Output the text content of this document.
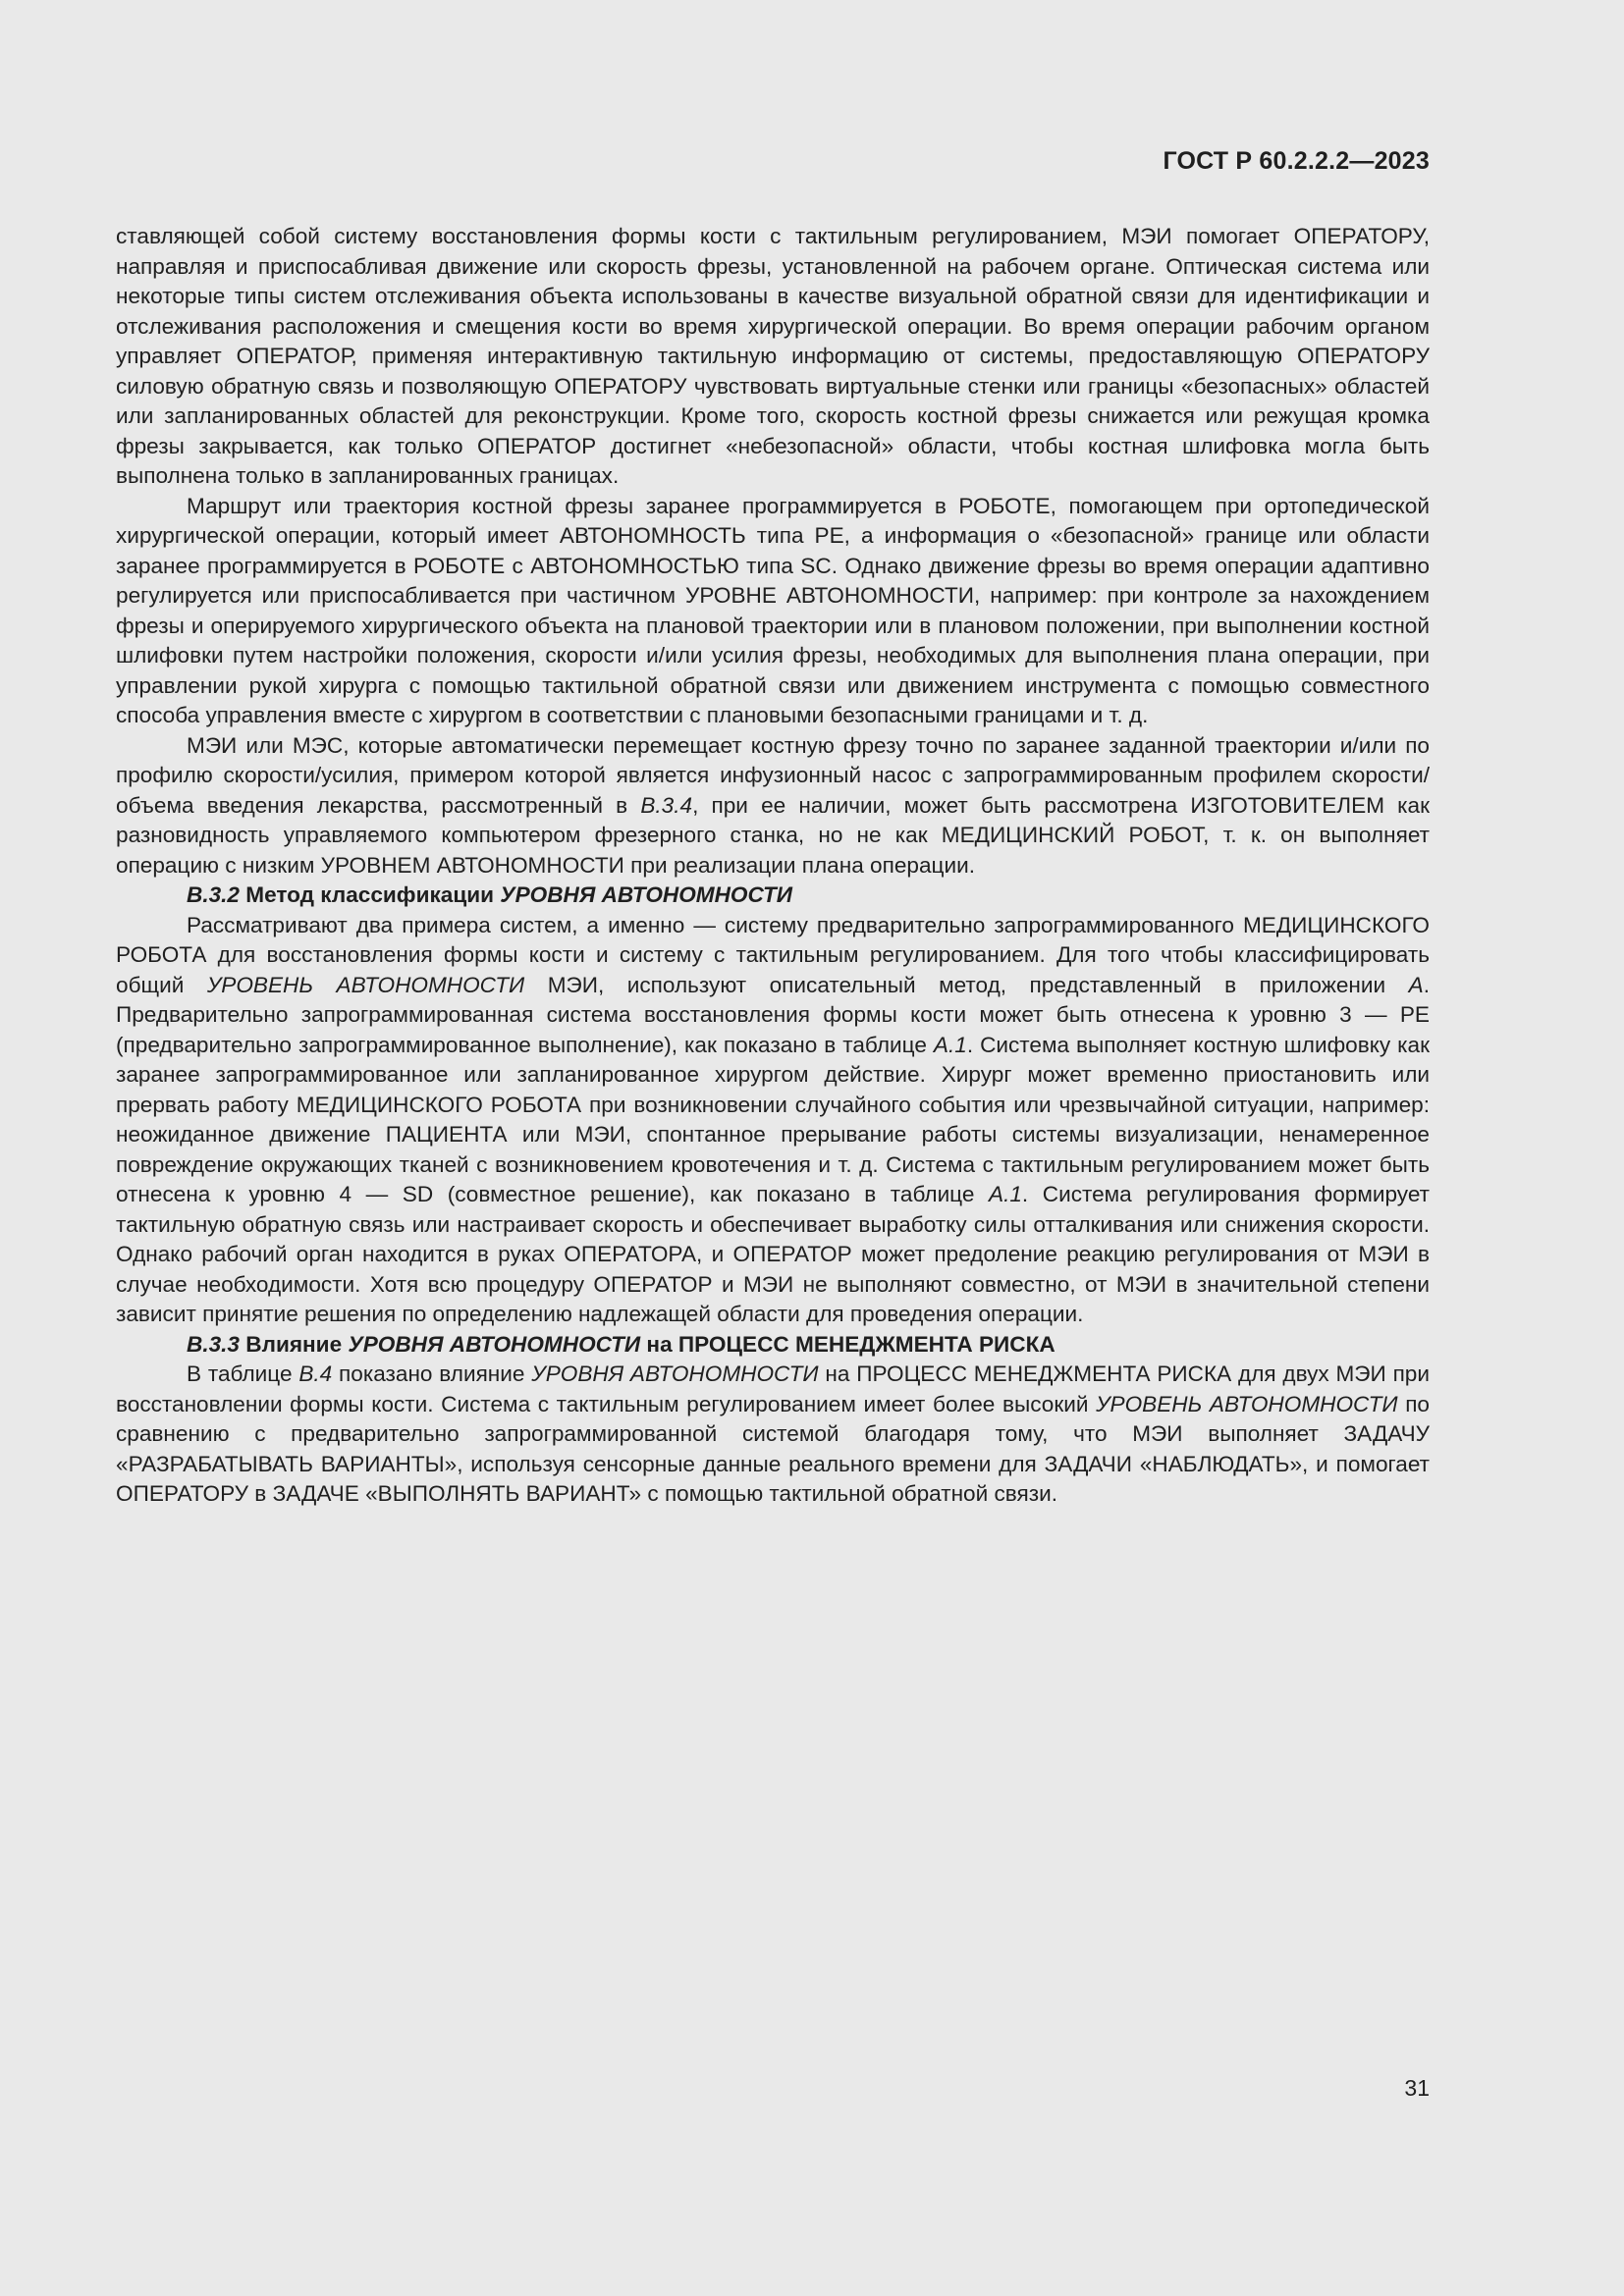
ГОСТ Р 60.2.2.2—2023

ставляющей собой систему восстановления формы кости с тактильным регулированием, МЭИ помогает ОПЕРАТОРУ, направляя и приспосабливая движение или скорость фрезы, установленной на рабочем органе. Оптическая система или некоторые типы систем отслеживания объекта использованы в качестве визуальной обратной связи для идентификации и отслеживания расположения и смещения кости во время хирургической операции. Во время операции рабочим органом управляет ОПЕРАТОР, применяя интерактивную тактильную информацию от системы, предоставляющую ОПЕРАТОРУ силовую обратную связь и позволяющую ОПЕРАТОРУ чувствовать виртуальные стенки или границы «безопасных» областей или запланированных областей для реконструкции. Кроме того, скорость костной фрезы снижается или режущая кромка фрезы закрывается, как только ОПЕРАТОР достигнет «небезопасной» области, чтобы костная шлифовка могла быть выполнена только в запланированных границах.

Маршрут или траектория костной фрезы заранее программируется в РОБОТЕ, помогающем при ортопедической хирургической операции, который имеет АВТОНОМНОСТЬ типа PE, а информация о «безопасной» границе или области заранее программируется в РОБОТЕ с АВТОНОМНОСТЬЮ типа SC. Однако движение фрезы во время операции адаптивно регулируется или приспосабливается при частичном УРОВНЕ АВТОНОМНОСТИ, например: при контроле за нахождением фрезы и оперируемого хирургического объекта на плановой траектории или в плановом положении, при выполнении костной шлифовки путем настройки положения, скорости и/или усилия фрезы, необходимых для выполнения плана операции, при управлении рукой хирурга с помощью тактильной обратной связи или движением инструмента с помощью совместного способа управления вместе с хирургом в соответствии с плановыми безопасными границами и т. д.

МЭИ или МЭС, которые автоматически перемещает костную фрезу точно по заранее заданной траектории и/или по профилю скорости/усилия, примером которой является инфузионный насос с запрограммированным профилем скорости/объема введения лекарства, рассмотренный в В.3.4, при ее наличии, может быть рассмотрена ИЗГОТОВИТЕЛЕМ как разновидность управляемого компьютером фрезерного станка, но не как МЕДИЦИНСКИЙ РОБОТ, т. к. он выполняет операцию с низким УРОВНЕМ АВТОНОМНОСТИ при реализации плана операции.

В.3.2 Метод классификации УРОВНЯ АВТОНОМНОСТИ

Рассматривают два примера систем, а именно — систему предварительно запрограммированного МЕДИЦИНСКОГО РОБОТА для восстановления формы кости и систему с тактильным регулированием. Для того чтобы классифицировать общий УРОВЕНЬ АВТОНОМНОСТИ МЭИ, используют описательный метод, представленный в приложении А. Предварительно запрограммированная система восстановления формы кости может быть отнесена к уровню 3 — PE (предварительно запрограммированное выполнение), как показано в таблице А.1. Система выполняет костную шлифовку как заранее запрограммированное или запланированное хирургом действие. Хирург может временно приостановить или прервать работу МЕДИЦИНСКОГО РОБОТА при возникновении случайного события или чрезвычайной ситуации, например: неожиданное движение ПАЦИЕНТА или МЭИ, спонтанное прерывание работы системы визуализации, ненамеренное повреждение окружающих тканей с возникновением кровотечения и т. д. Система с тактильным регулированием может быть отнесена к уровню 4 — SD (совместное решение), как показано в таблице А.1. Система регулирования формирует тактильную обратную связь или настраивает скорость и обеспечивает выработку силы отталкивания или снижения скорости. Однако рабочий орган находится в руках ОПЕРАТОРА, и ОПЕРАТОР может предоление реакцию регулирования от МЭИ в случае необходимости. Хотя всю процедуру ОПЕРАТОР и МЭИ не выполняют совместно, от МЭИ в значительной степени зависит принятие решения по определению надлежащей области для проведения операции.

В.3.3 Влияние УРОВНЯ АВТОНОМНОСТИ на ПРОЦЕСС МЕНЕДЖМЕНТА РИСКА

В таблице В.4 показано влияние УРОВНЯ АВТОНОМНОСТИ на ПРОЦЕСС МЕНЕДЖМЕНТА РИСКА для двух МЭИ при восстановлении формы кости. Система с тактильным регулированием имеет более высокий УРОВЕНЬ АВТОНОМНОСТИ по сравнению с предварительно запрограммированной системой благодаря тому, что МЭИ выполняет ЗАДАЧУ «РАЗРАБАТЫВАТЬ ВАРИАНТЫ», используя сенсорные данные реального времени для ЗАДАЧИ «НАБЛЮДАТЬ», и помогает ОПЕРАТОРУ в ЗАДАЧЕ «ВЫПОЛНЯТЬ ВАРИАНТ» с помощью тактильной обратной связи.

31
